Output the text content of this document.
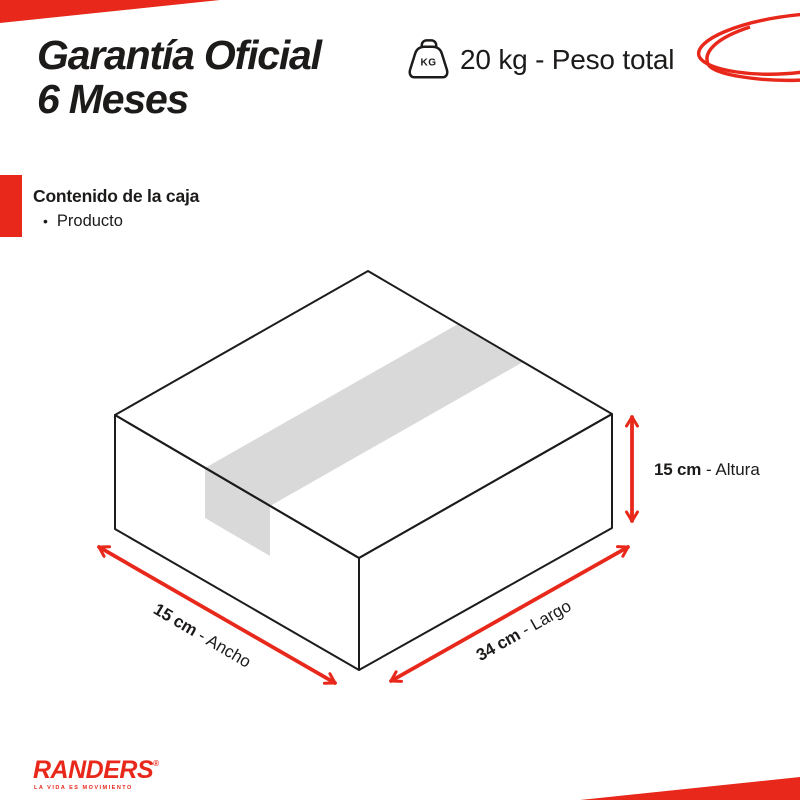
Garantía Oficial
6 Meses
KG 20 kg - Peso total
Contenido de la caja
• Producto
15 cm - Altura
15 cm - Ancho	34 cm - Largo
RANDERS®
LA VIDA ES MOVIMIENTO
